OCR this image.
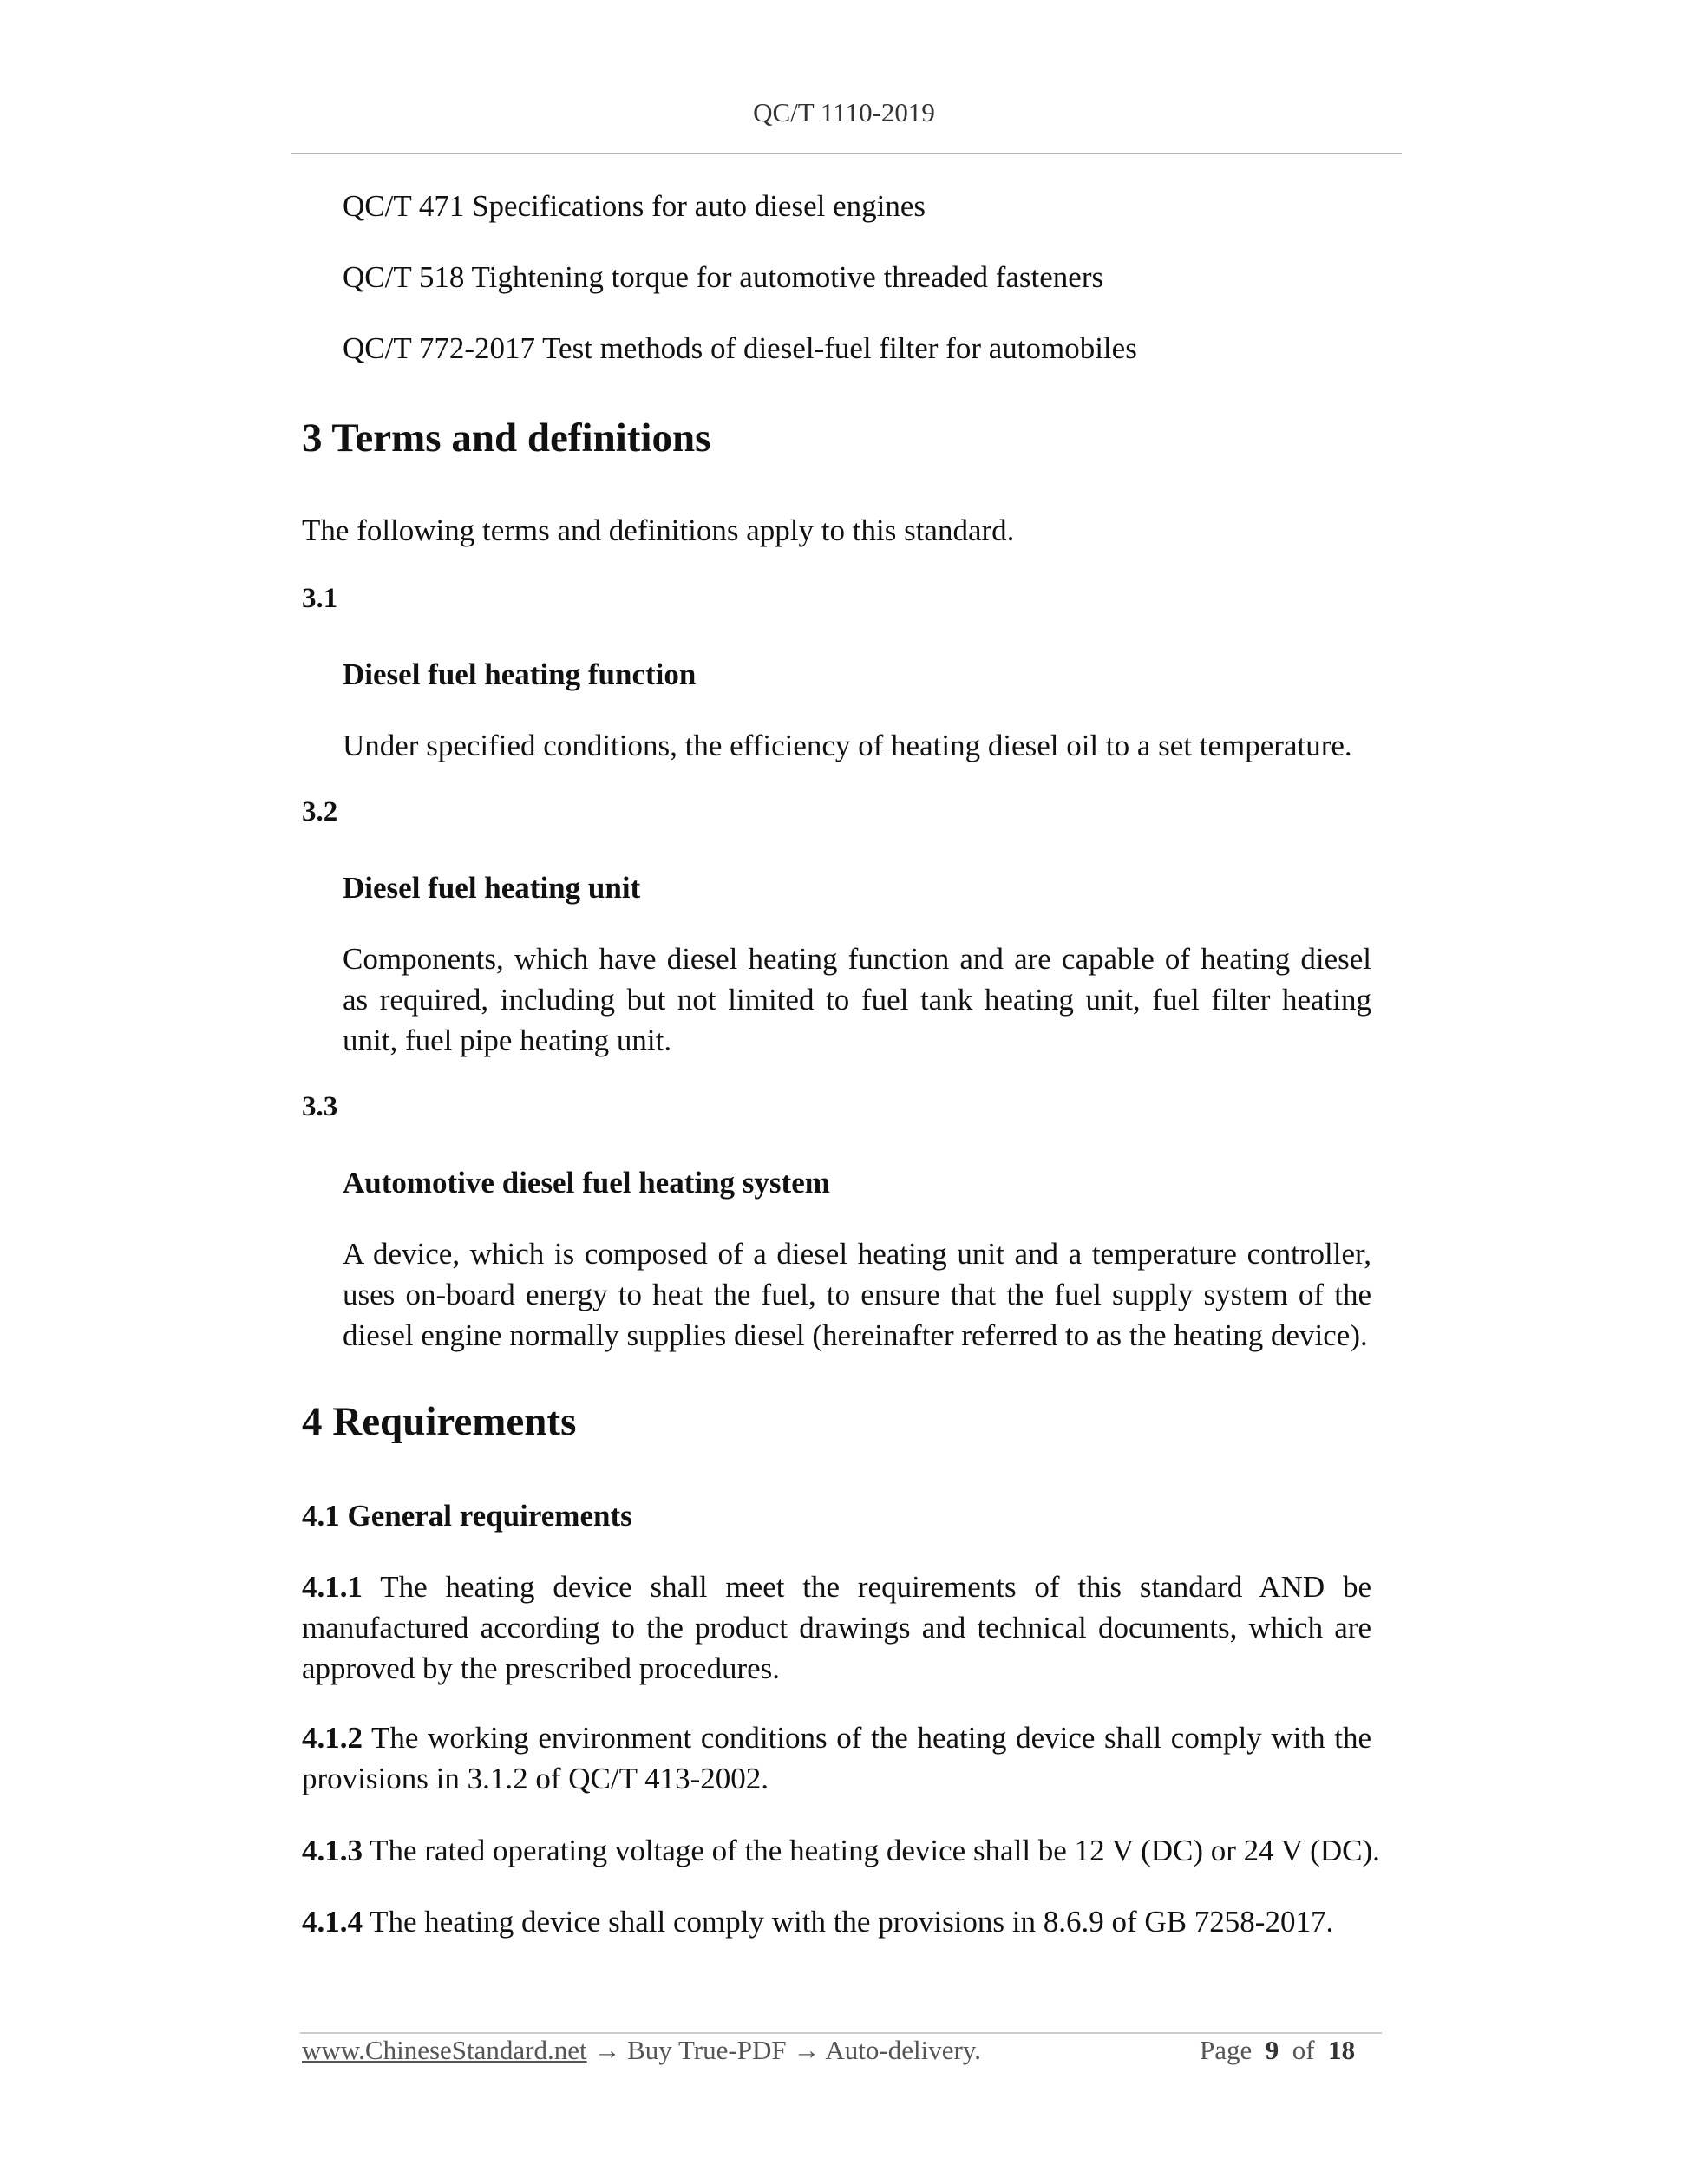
QC/T 1110-2019
QC/T 471 Specifications for auto diesel engines
QC/T 518 Tightening torque for automotive threaded fasteners
QC/T 772-2017 Test methods of diesel-fuel filter for automobiles
3 Terms and definitions
The following terms and definitions apply to this standard.
3.1
Diesel fuel heating function
Under specified conditions, the efficiency of heating diesel oil to a set temperature.
3.2
Diesel fuel heating unit
Components, which have diesel heating function and are capable of heating diesel as required, including but not limited to fuel tank heating unit, fuel filter heating unit, fuel pipe heating unit.
3.3
Automotive diesel fuel heating system
A device, which is composed of a diesel heating unit and a temperature controller, uses on-board energy to heat the fuel, to ensure that the fuel supply system of the diesel engine normally supplies diesel (hereinafter referred to as the heating device).
4 Requirements
4.1 General requirements
4.1.1 The heating device shall meet the requirements of this standard AND be manufactured according to the product drawings and technical documents, which are approved by the prescribed procedures.
4.1.2 The working environment conditions of the heating device shall comply with the provisions in 3.1.2 of QC/T 413-2002.
4.1.3 The rated operating voltage of the heating device shall be 12 V (DC) or 24 V (DC).
4.1.4 The heating device shall comply with the provisions in 8.6.9 of GB 7258-2017.
www.ChineseStandard.net → Buy True-PDF → Auto-delivery.	Page 9 of 18
